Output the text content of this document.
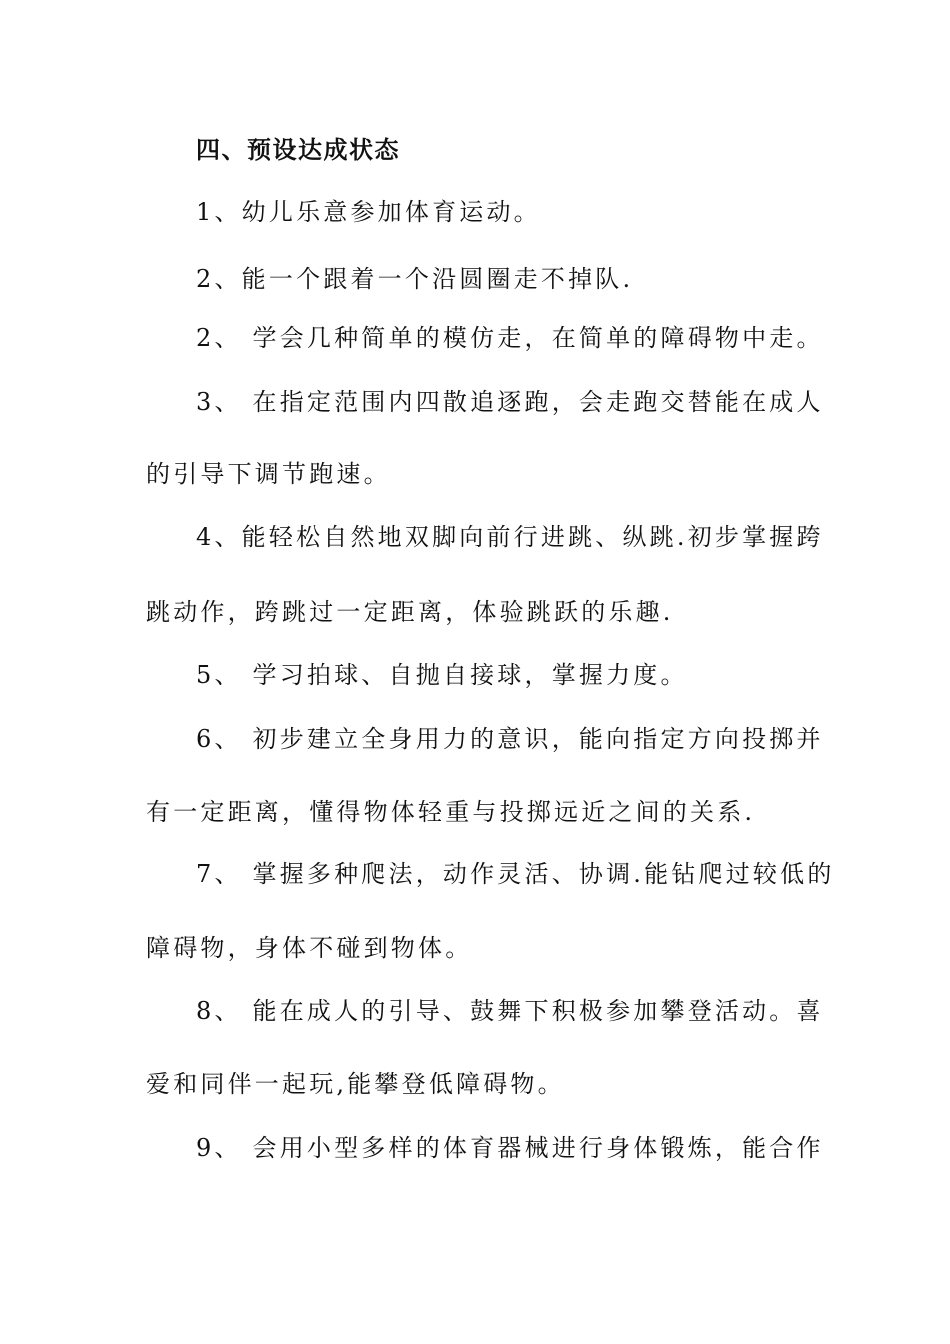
四、预设达成状态
1、幼儿乐意参加体育运动。
2、能一个跟着一个沿圆圈走不掉队.
2、 学会几种简单的模仿走，在简单的障碍物中走。
3、 在指定范围内四散追逐跑，会走跑交替能在成人
的引导下调节跑速。
4、能轻松自然地双脚向前行进跳、纵跳.初步掌握跨
跳动作，跨跳过一定距离，体验跳跃的乐趣.
5、 学习拍球、自抛自接球，掌握力度。
6、 初步建立全身用力的意识，能向指定方向投掷并
有一定距离，懂得物体轻重与投掷远近之间的关系.
7、 掌握多种爬法，动作灵活、协调.能钻爬过较低的
障碍物，身体不碰到物体。
8、 能在成人的引导、鼓舞下积极参加攀登活动。喜
爱和同伴一起玩,能攀登低障碍物。
9、 会用小型多样的体育器械进行身体锻炼，能合作
